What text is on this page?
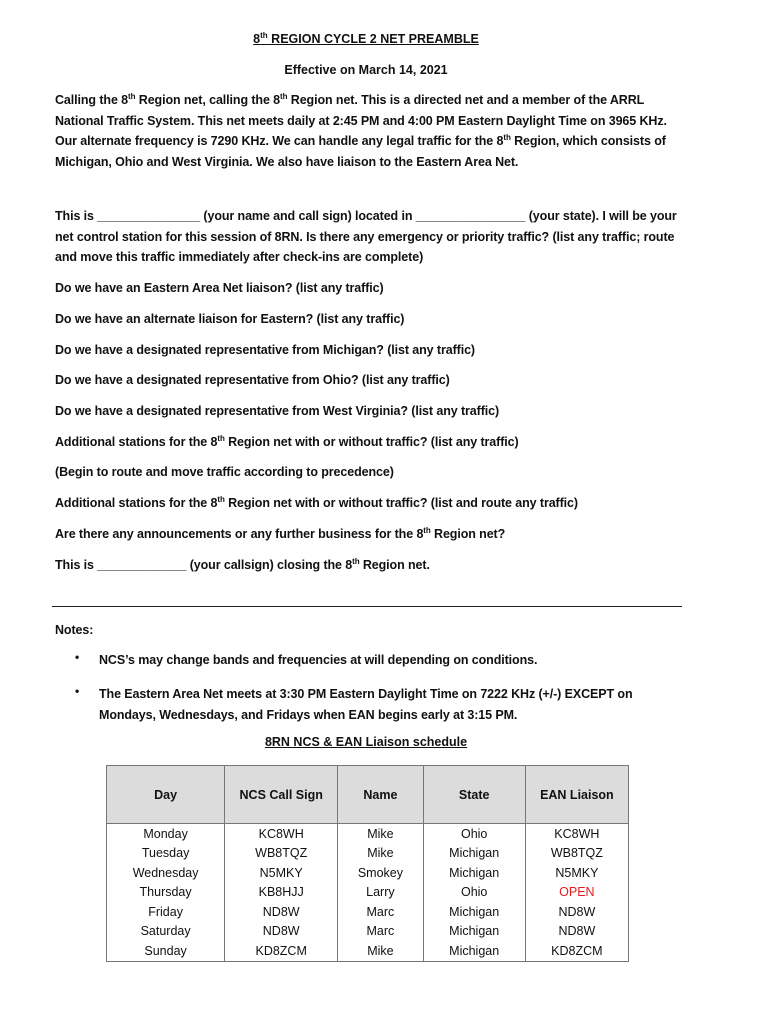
8th REGION CYCLE 2 NET PREAMBLE
Effective on March 14, 2021
Calling the 8th Region net, calling the 8th Region net. This is a directed net and a member of the ARRL National Traffic System. This net meets daily at 2:45 PM and 4:00 PM Eastern Daylight Time on 3965 KHz. Our alternate frequency is 7290 KHz. We can handle any legal traffic for the 8th Region, which consists of Michigan, Ohio and West Virginia. We also have liaison to the Eastern Area Net.
This is _______________ (your name and call sign) located in ________________ (your state). I will be your net control station for this session of 8RN. Is there any emergency or priority traffic? (list any traffic; route and move this traffic immediately after check-ins are complete)
Do we have an Eastern Area Net liaison? (list any traffic)
Do we have an alternate liaison for Eastern? (list any traffic)
Do we have a designated representative from Michigan? (list any traffic)
Do we have a designated representative from Ohio? (list any traffic)
Do we have a designated representative from West Virginia? (list any traffic)
Additional stations for the 8th Region net with or without traffic? (list any traffic)
(Begin to route and move traffic according to precedence)
Additional stations for the 8th Region net with or without traffic? (list and route any traffic)
Are there any announcements or any further business for the 8th Region net?
This is _____________ (your callsign) closing the 8th Region net.
Notes:
• NCS’s may change bands and frequencies at will depending on conditions.
• The Eastern Area Net meets at 3:30 PM Eastern Daylight Time on 7222 KHz (+/-) EXCEPT on Mondays, Wednesdays, and Fridays when EAN begins early at 3:15 PM.
8RN NCS & EAN Liaison schedule
Day	NCS Call Sign	Name	State	EAN Liaison
Monday	KC8WH	Mike	Ohio	KC8WH
Tuesday	WB8TQZ	Mike	Michigan	WB8TQZ
Wednesday	N5MKY	Smokey	Michigan	N5MKY
Thursday	KB8HJJ	Larry	Ohio	OPEN
Friday	ND8W	Marc	Michigan	ND8W
Saturday	ND8W	Marc	Michigan	ND8W
Sunday	KD8ZCM	Mike	Michigan	KD8ZCM
